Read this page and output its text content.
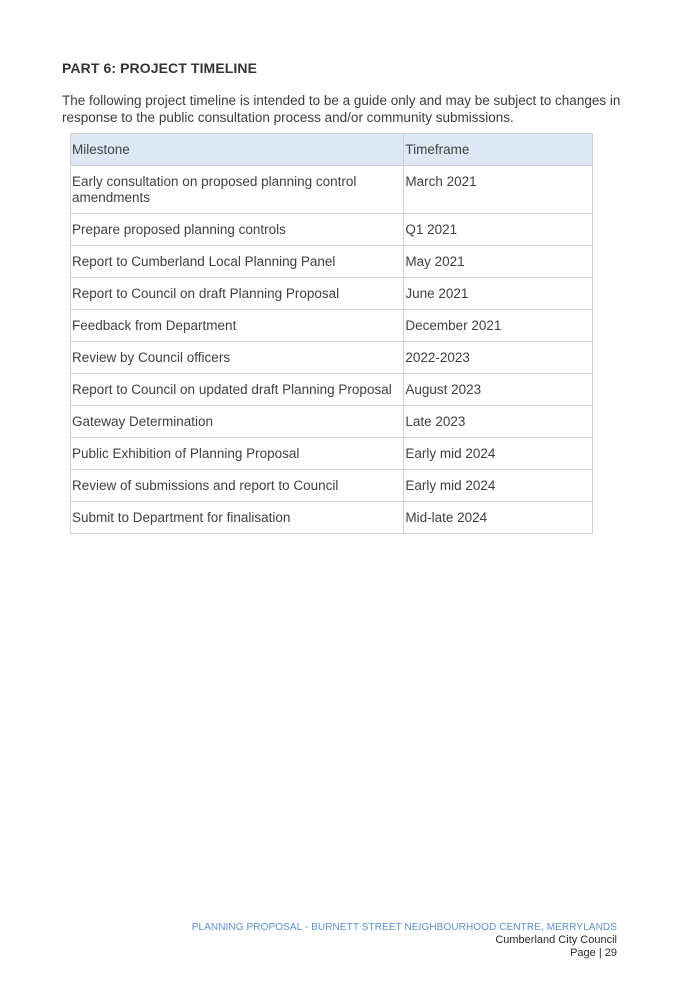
PART 6: PROJECT TIMELINE
The following project timeline is intended to be a guide only and may be subject to changes in response to the public consultation process and/or community submissions.
Milestone	Timeframe
Early consultation on proposed planning control amendments	March 2021
Prepare proposed planning controls	Q1 2021
Report to Cumberland Local Planning Panel	May 2021
Report to Council on draft Planning Proposal	June 2021
Feedback from Department	December 2021
Review by Council officers	2022-2023
Report to Council on updated draft Planning Proposal	August 2023
Gateway Determination	Late 2023
Public Exhibition of Planning Proposal	Early mid 2024
Review of submissions and report to Council	Early mid 2024
Submit to Department for finalisation	Mid-late 2024
PLANNING PROPOSAL - BURNETT STREET NEIGHBOURHOOD CENTRE, MERRYLANDS
Cumberland City Council
Page | 29
